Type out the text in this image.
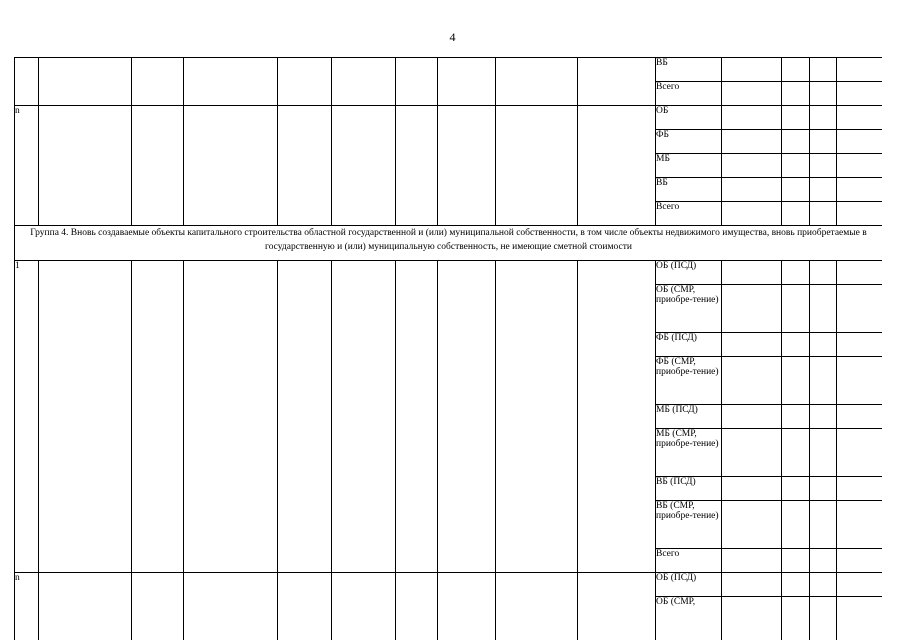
4
										ВБ				
										Всего				
n										ОБ				
										ФБ				
										МБ				
										ВБ				
										Всего				
Группа 4. Вновь создаваемые объекты капитального строительства областной государственной и (или) муниципальной собственности, в том числе объекты недвижимого имущества, вновь приобретаемые в государственную и (или) муниципальную собственность, не имеющие сметной стоимости														
1										ОБ (ПСД)				
										ОБ (СМР, приобре-тение)				
										ФБ (ПСД)				
										ФБ (СМР, приобре-тение)				
										МБ (ПСД)				
										МБ (СМР, приобре-тение)				
										ВБ (ПСД)				
										ВБ (СМР, приобре-тение)				
										Всего				
n										ОБ (ПСД)				
										ОБ (СМР,				
